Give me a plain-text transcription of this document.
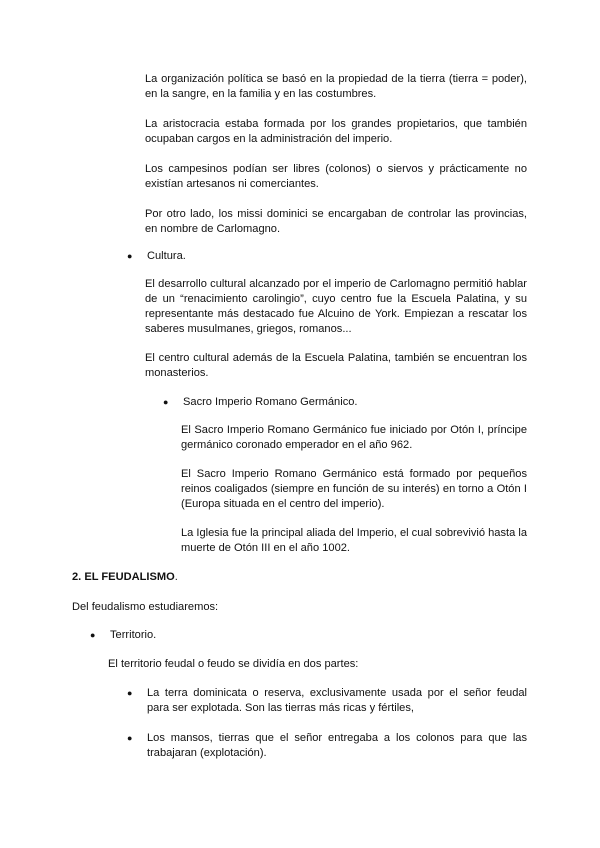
La organización política se basó en la propiedad de la tierra (tierra = poder), en la sangre, en la familia y en las costumbres.

La aristocracia estaba formada por los grandes propietarios, que también ocupaban cargos en la administración del imperio.

Los campesinos podían ser libres (colonos) o siervos y prácticamente no existían artesanos ni comerciantes.

Por otro lado, los missi dominici se encargaban de controlar las provincias, en nombre de Carlomagno.

●	Cultura.

El desarrollo cultural alcanzado por el imperio de Carlomagno permitió hablar de un “renacimiento carolingio”, cuyo centro fue la Escuela Palatina, y su representante más destacado fue Alcuino de York. Empiezan a rescatar los saberes musulmanes, griegos, romanos...

El centro cultural además de la Escuela Palatina, también se encuentran los monasterios.

●	Sacro Imperio Romano Germánico.

El Sacro Imperio Romano Germánico fue iniciado por Otón I, príncipe germánico coronado emperador en el año 962.

El Sacro Imperio Romano Germánico está formado por pequeños reinos coaligados (siempre en función de su interés) en torno a Otón I (Europa situada en el centro del imperio).

La Iglesia fue la principal aliada del Imperio, el cual sobrevivió hasta la muerte de Otón III en el año 1002.

2. EL FEUDALISMO.

Del feudalismo estudiaremos:

●	Territorio.

El territorio feudal o feudo se dividía en dos partes:

●	La terra dominicata o reserva, exclusivamente usada por el señor feudal para ser explotada. Son las tierras más ricas y fértiles,
●	Los mansos, tierras que el señor entregaba a los colonos para que las trabajaran (explotación).
